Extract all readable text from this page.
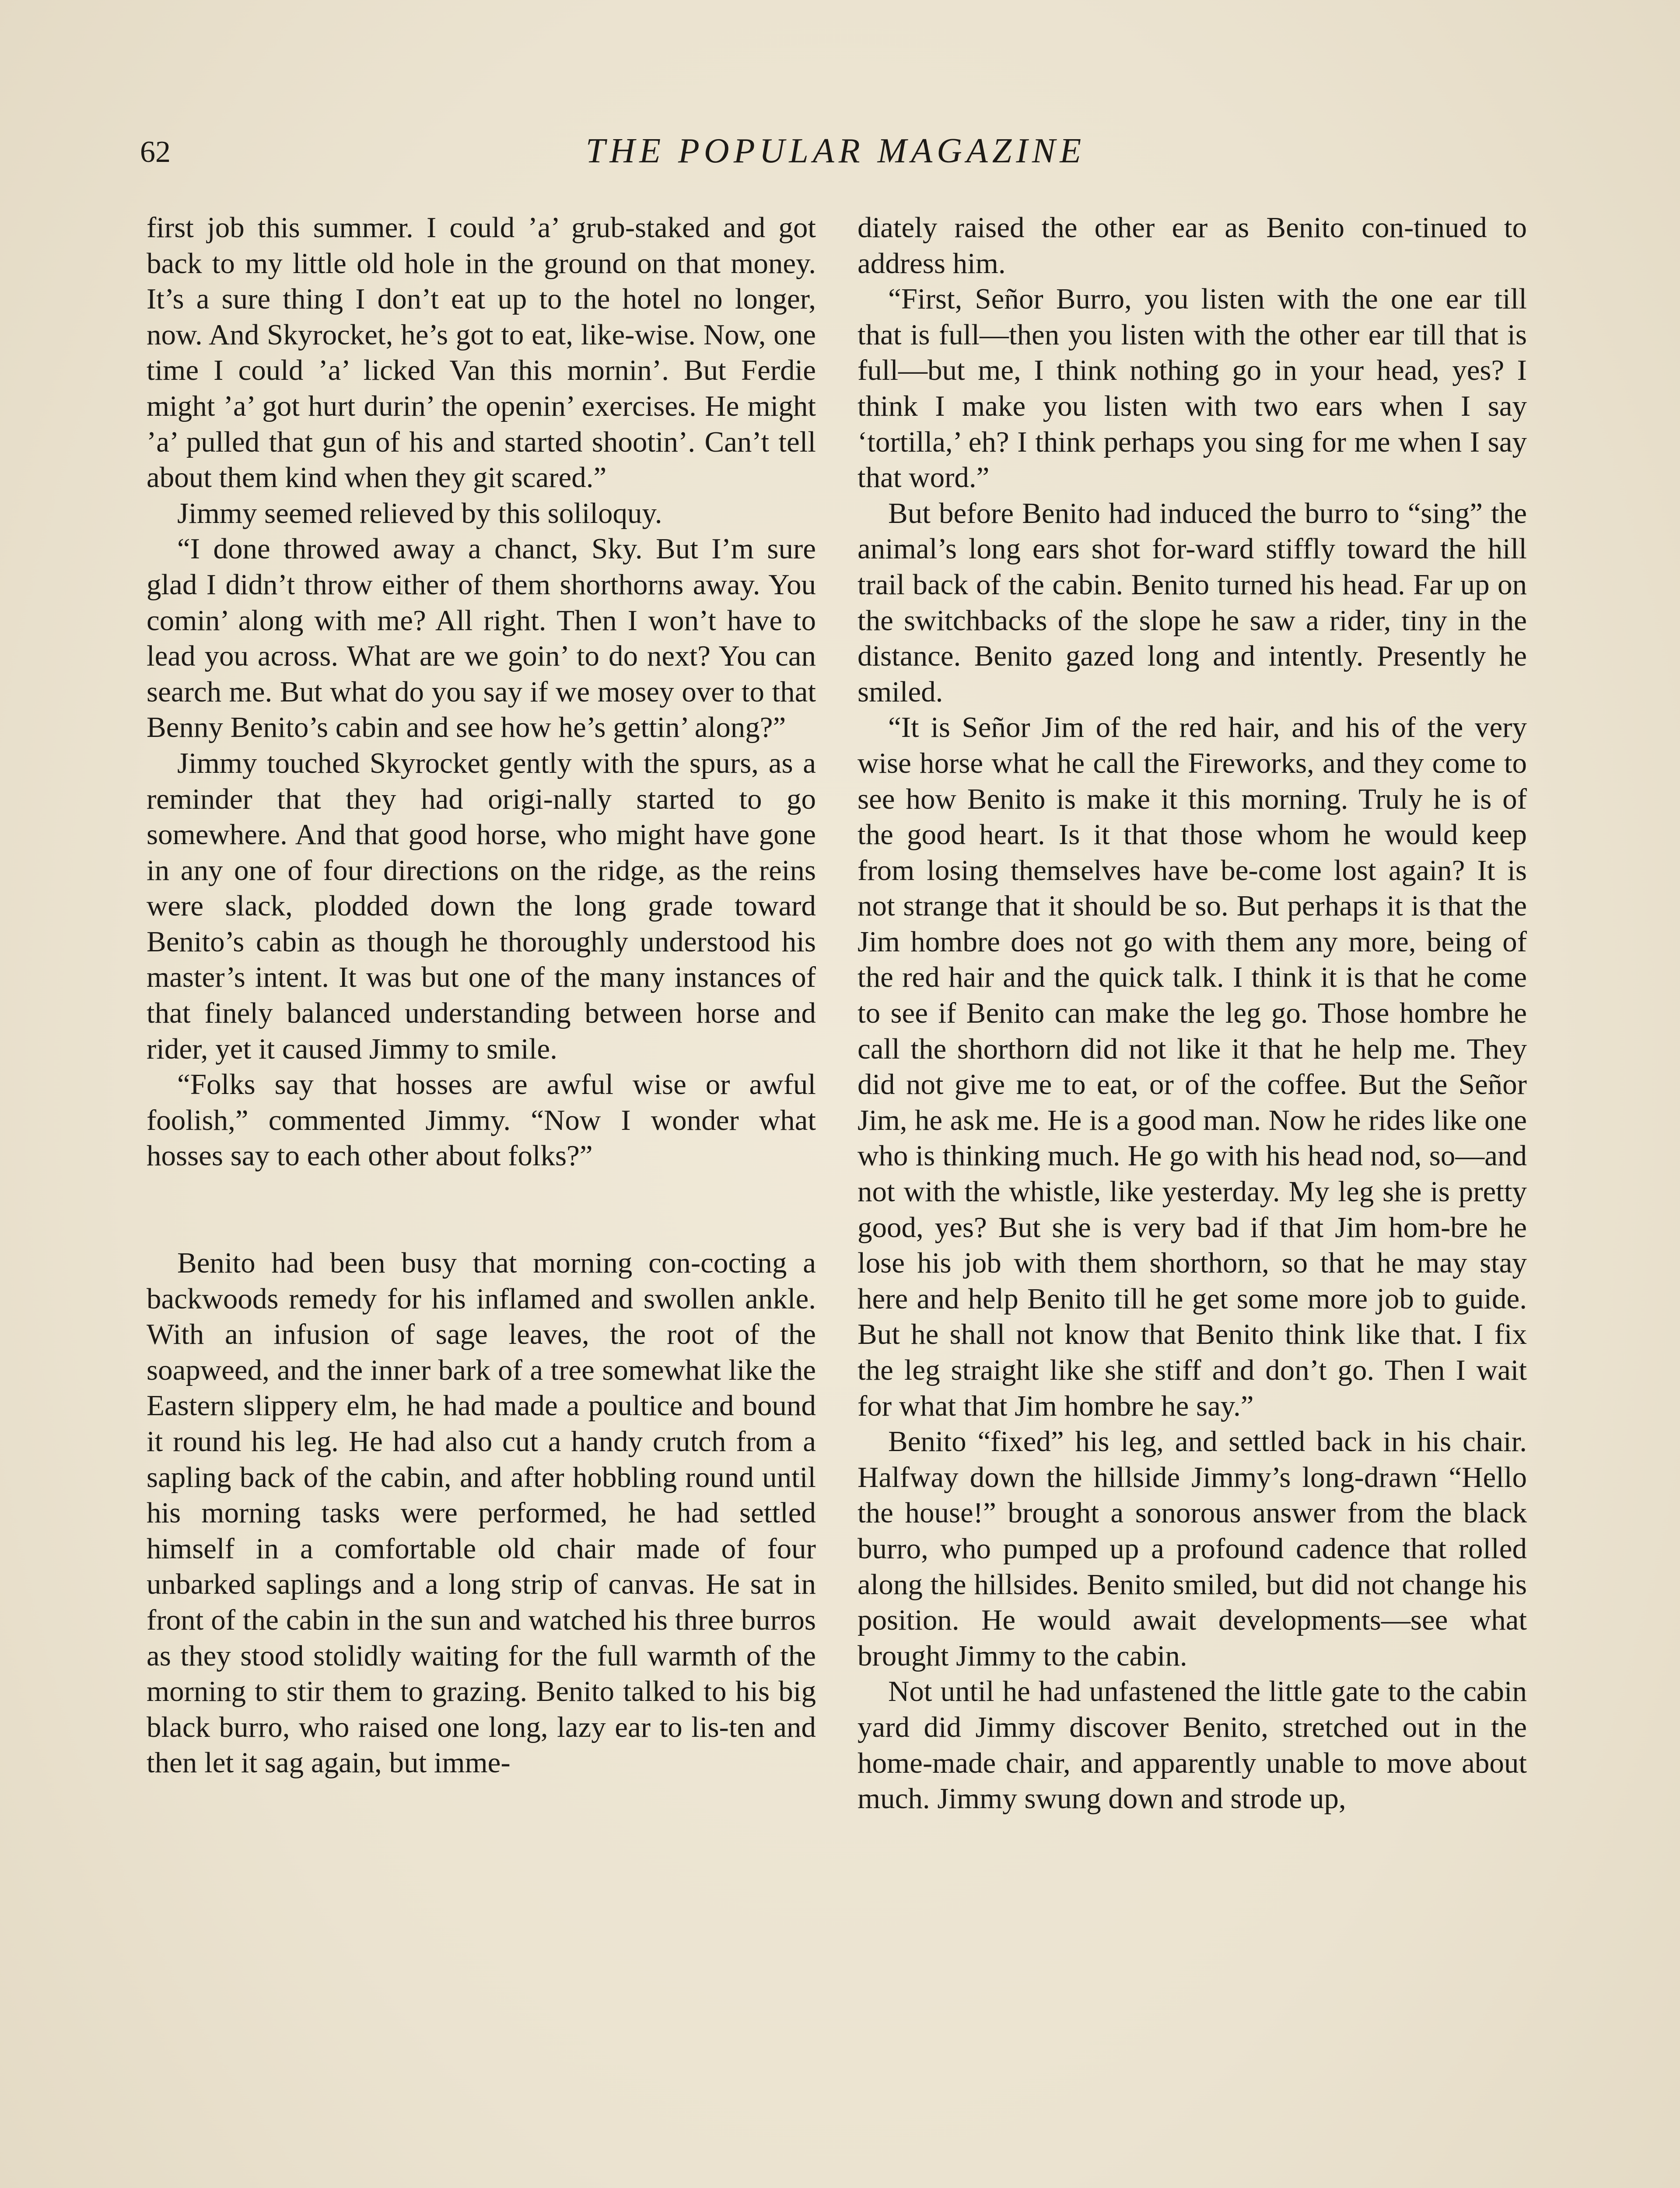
62	THE POPULAR MAGAZINE

first job this summer. I could ’a’ grub-staked and got back to my little old hole in the ground on that money. It’s a sure thing I don’t eat up to the hotel no longer, now. And Skyrocket, he’s got to eat, like-wise. Now, one time I could ’a’ licked Van this mornin’. But Ferdie might ’a’ got hurt durin’ the openin’ exercises. He might ’a’ pulled that gun of his and started shootin’. Can’t tell about them kind when they git scared.”

Jimmy seemed relieved by this soliloquy.

“I done throwed away a chanct, Sky. But I’m sure glad I didn’t throw either of them shorthorns away. You comin’ along with me? All right. Then I won’t have to lead you across. What are we goin’ to do next? You can search me. But what do you say if we mosey over to that Benny Benito’s cabin and see how he’s gettin’ along?”

Jimmy touched Skyrocket gently with the spurs, as a reminder that they had origi-nally started to go somewhere. And that good horse, who might have gone in any one of four directions on the ridge, as the reins were slack, plodded down the long grade toward Benito’s cabin as though he thoroughly understood his master’s intent. It was but one of the many instances of that finely balanced understanding between horse and rider, yet it caused Jimmy to smile.

“Folks say that hosses are awful wise or awful foolish,” commented Jimmy. “Now I wonder what hosses say to each other about folks?”

Benito had been busy that morning con-cocting a backwoods remedy for his inflamed and swollen ankle. With an infusion of sage leaves, the root of the soapweed, and the inner bark of a tree somewhat like the Eastern slippery elm, he had made a poultice and bound it round his leg. He had also cut a handy crutch from a sapling back of the cabin, and after hobbling round until his morning tasks were performed, he had settled himself in a comfortable old chair made of four unbarked saplings and a long strip of canvas. He sat in front of the cabin in the sun and watched his three burros as they stood stolidly waiting for the full warmth of the morning to stir them to grazing. Benito talked to his big black burro, who raised one long, lazy ear to lis-ten and then let it sag again, but imme-

diately raised the other ear as Benito con-tinued to address him.

“First, Señor Burro, you listen with the one ear till that is full—then you listen with the other ear till that is full—but me, I think nothing go in your head, yes? I think I make you listen with two ears when I say ‘tortilla,’ eh? I think perhaps you sing for me when I say that word.”

But before Benito had induced the burro to “sing” the animal’s long ears shot for-ward stiffly toward the hill trail back of the cabin. Benito turned his head. Far up on the switchbacks of the slope he saw a rider, tiny in the distance. Benito gazed long and intently. Presently he smiled.

“It is Señor Jim of the red hair, and his of the very wise horse what he call the Fireworks, and they come to see how Benito is make it this morning. Truly he is of the good heart. Is it that those whom he would keep from losing themselves have be-come lost again? It is not strange that it should be so. But perhaps it is that the Jim hombre does not go with them any more, being of the red hair and the quick talk. I think it is that he come to see if Benito can make the leg go. Those hombre he call the shorthorn did not like it that he help me. They did not give me to eat, or of the coffee. But the Señor Jim, he ask me. He is a good man. Now he rides like one who is thinking much. He go with his head nod, so—and not with the whistle, like yesterday. My leg she is pretty good, yes? But she is very bad if that Jim hom-bre he lose his job with them shorthorn, so that he may stay here and help Benito till he get some more job to guide. But he shall not know that Benito think like that. I fix the leg straight like she stiff and don’t go. Then I wait for what that Jim hombre he say.”

Benito “fixed” his leg, and settled back in his chair. Halfway down the hillside Jimmy’s long-drawn “Hello the house!” brought a sonorous answer from the black burro, who pumped up a profound cadence that rolled along the hillsides. Benito smiled, but did not change his position. He would await developments—see what brought Jimmy to the cabin.

Not until he had unfastened the little gate to the cabin yard did Jimmy discover Benito, stretched out in the home-made chair, and apparently unable to move about much. Jimmy swung down and strode up,
